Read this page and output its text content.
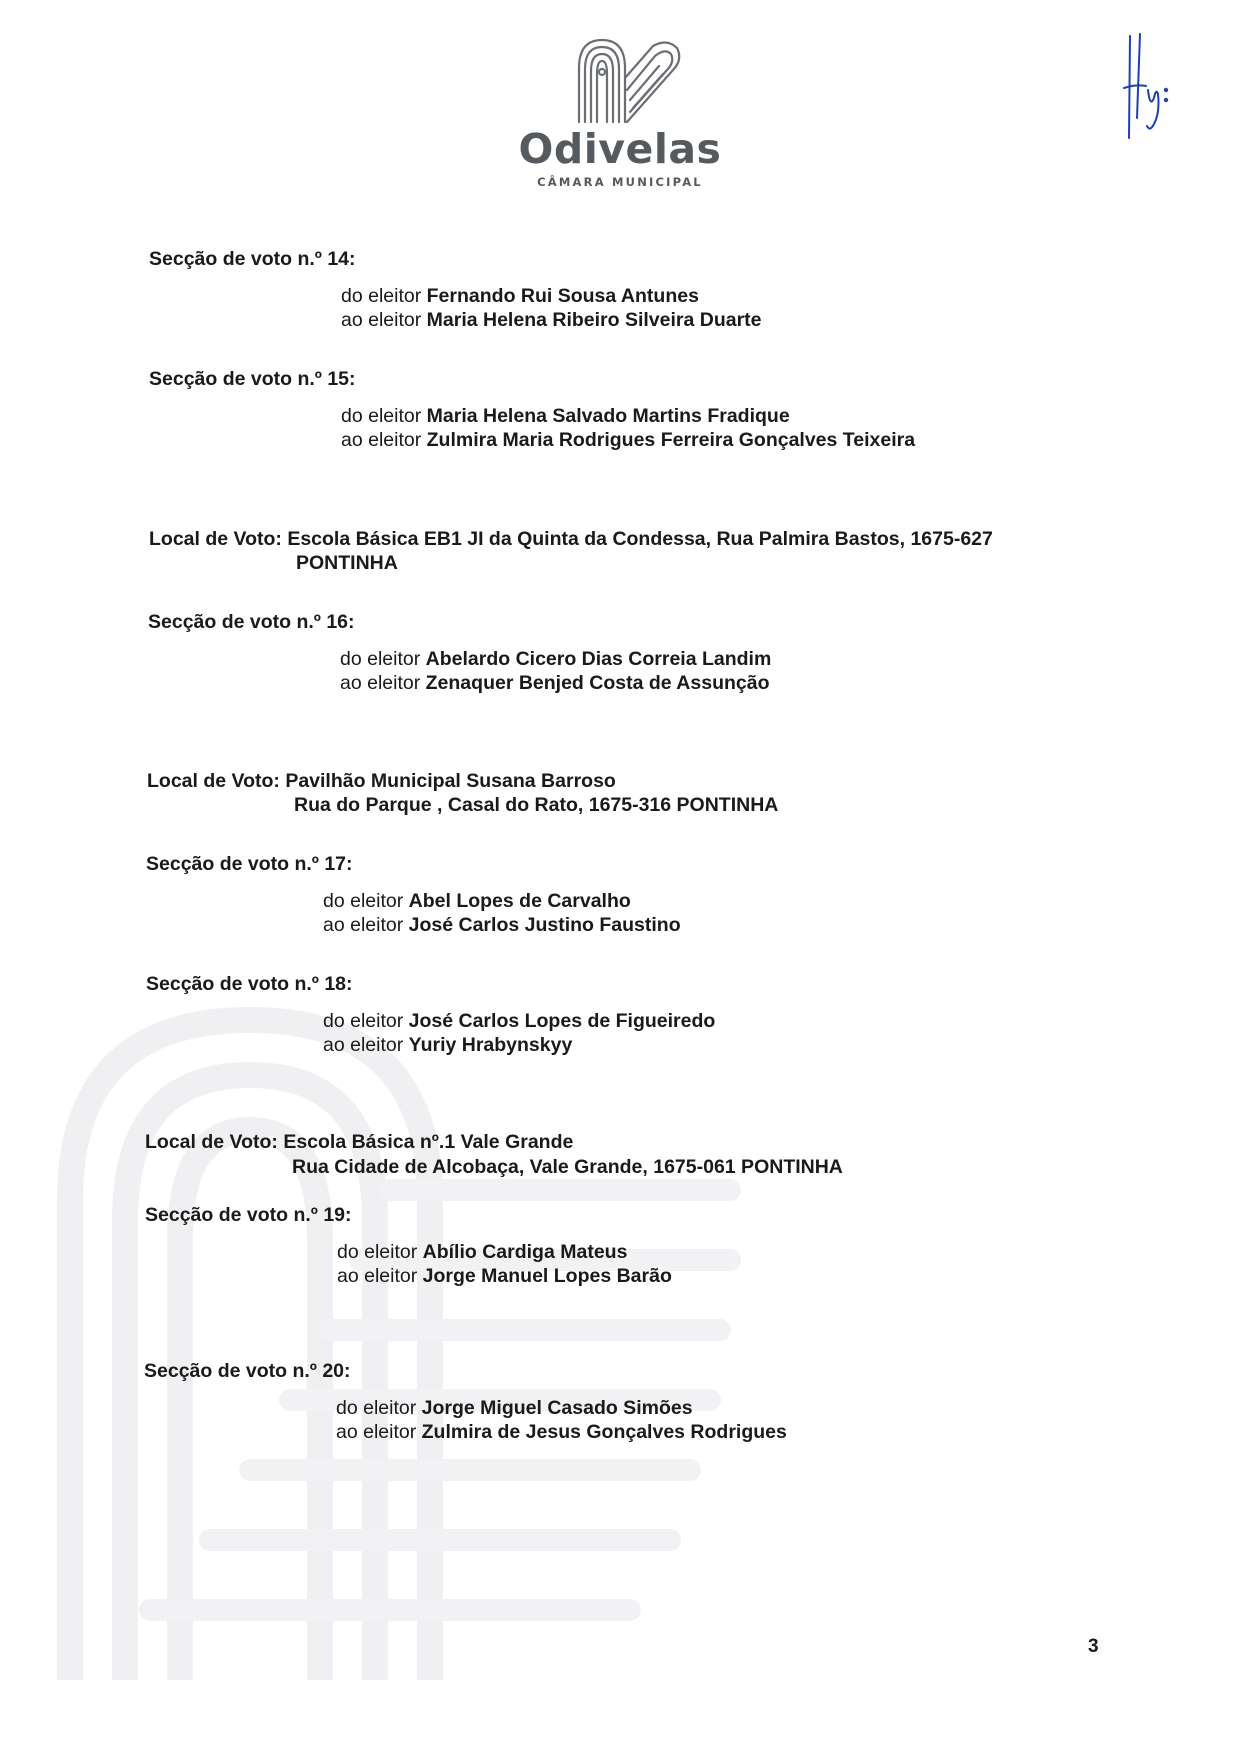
Odivelas
CÂMARA MUNICIPAL
Secção de voto n.º 14:
do eleitor Fernando Rui Sousa Antunes
ao eleitor Maria Helena Ribeiro Silveira Duarte
Secção de voto n.º 15:
do eleitor Maria Helena Salvado Martins Fradique
ao eleitor Zulmira Maria Rodrigues Ferreira Gonçalves Teixeira
Local de Voto: Escola Básica EB1 JI da Quinta da Condessa, Rua Palmira Bastos, 1675-627
PONTINHA
Secção de voto n.º 16:
do eleitor Abelardo Cicero Dias Correia Landim
ao eleitor Zenaquer Benjed Costa de Assunção
Local de Voto: Pavilhão Municipal Susana Barroso
Rua do Parque , Casal do Rato, 1675-316 PONTINHA
Secção de voto n.º 17:
do eleitor Abel Lopes de Carvalho
ao eleitor José Carlos Justino Faustino
Secção de voto n.º 18:
do eleitor José Carlos Lopes de Figueiredo
ao eleitor Yuriy Hrabynskyy
Local de Voto: Escola Básica nº.1 Vale Grande
Rua Cidade de Alcobaça, Vale Grande, 1675-061 PONTINHA
Secção de voto n.º 19:
do eleitor Abílio Cardiga Mateus
ao eleitor Jorge Manuel Lopes Barão
Secção de voto n.º 20:
do eleitor Jorge Miguel Casado Simões
ao eleitor Zulmira de Jesus Gonçalves Rodrigues
3
